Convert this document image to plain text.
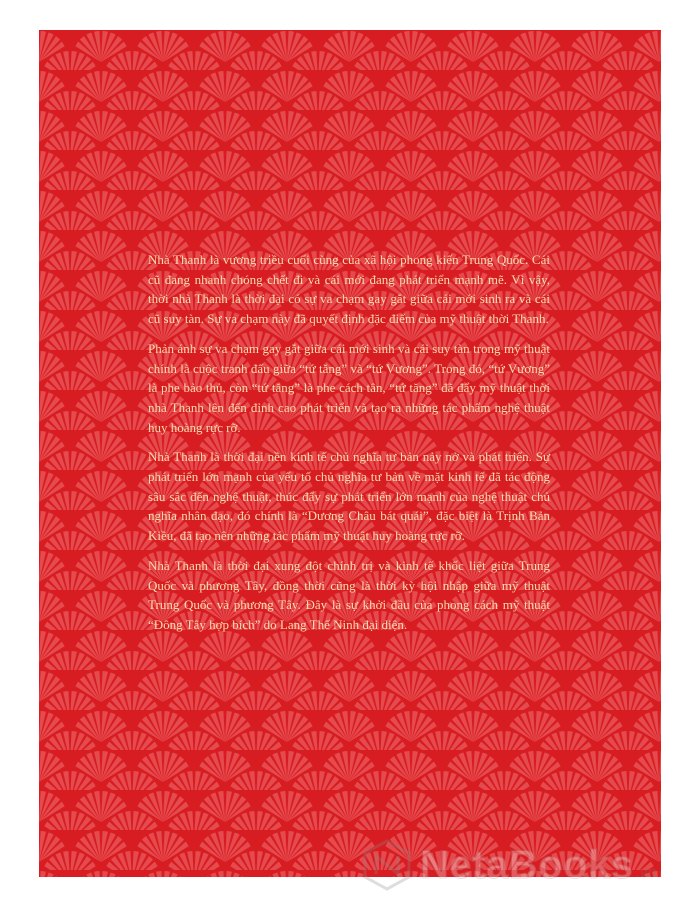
Nhà Thanh là vương triều cuối cùng của xã hội phong kiến Trung Quốc. Cái cũ đang nhanh chóng chết đi và cái mới đang phát triển mạnh mẽ. Vì vậy, thời nhà Thanh là thời đại có sự va chạm gay gắt giữa cái mới sinh ra và cái cũ suy tàn. Sự va chạm này đã quyết định đặc điểm của mỹ thuật thời Thanh.

Phản ánh sự va chạm gay gắt giữa cái mới sinh và cái suy tàn trong mỹ thuật chính là cuộc tranh đấu giữa “tứ tăng” và “tứ Vương”. Trong đó, “tứ Vương” là phe bảo thủ, còn “tứ tăng” là phe cách tân, “tứ tăng” đã đẩy mỹ thuật thời nhà Thanh lên đến đỉnh cao phát triển và tạo ra những tác phẩm nghệ thuật huy hoàng rực rỡ.

Nhà Thanh là thời đại nền kinh tế chủ nghĩa tư bản nảy nở và phát triển. Sự phát triển lớn mạnh của yếu tố chủ nghĩa tư bản về mặt kinh tế đã tác động sâu sắc đến nghệ thuật, thúc đẩy sự phát triển lớn mạnh của nghệ thuật chủ nghĩa nhân đạo, đó chính là “Dương Châu bát quái”, đặc biệt là Trịnh Bản Kiều, đã tạo nên những tác phẩm mỹ thuật huy hoàng rực rỡ.

Nhà Thanh là thời đại xung đột chính trị và kinh tế khốc liệt giữa Trung Quốc và phương Tây, đồng thời cũng là thời kỳ hội nhập giữa mỹ thuật Trung Quốc và phương Tây. Đây là sự khởi đầu của phong cách mỹ thuật “Đông Tây hợp bích” do Lang Thế Ninh đại diện.

NetaBooks .vn
